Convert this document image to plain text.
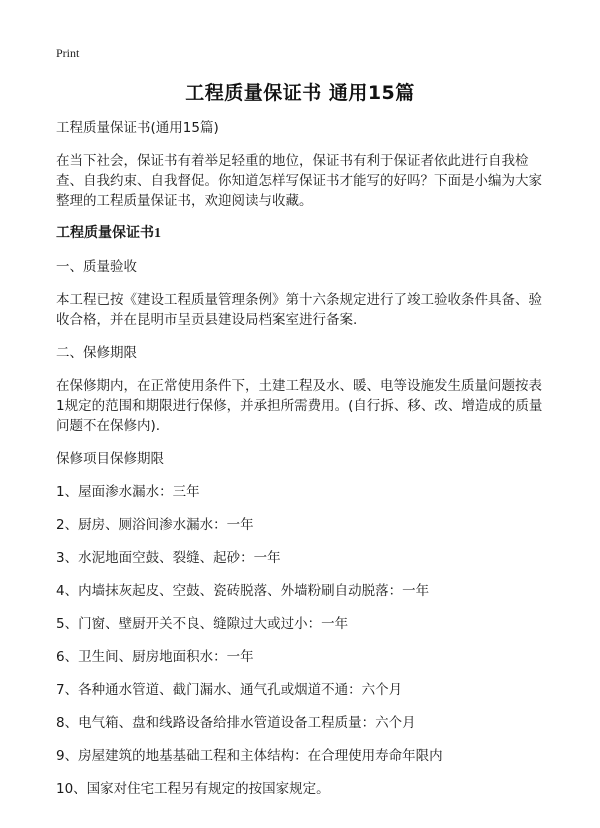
Print
工程质量保证书 通用15篇

工程质量保证书(通用15篇)

在当下社会，保证书有着举足轻重的地位，保证书有利于保证者依此进行自我检查、自我约束、自我督促。你知道怎样写保证书才能写的好吗？下面是小编为大家整理的工程质量保证书，欢迎阅读与收藏。

工程质量保证书1

一、质量验收

本工程已按《建设工程质量管理条例》第十六条规定进行了竣工验收条件具备、验收合格，并在昆明市呈贡县建设局档案室进行备案.

二、保修期限

在保修期内，在正常使用条件下，土建工程及水、暖、电等设施发生质量问题按表1规定的范围和期限进行保修，并承担所需费用。(自行拆、移、改、增造成的质量问题不在保修内).

保修项目保修期限

1、屋面渗水漏水：三年

2、厨房、厕浴间渗水漏水：一年

3、水泥地面空鼓、裂缝、起砂：一年

4、内墙抹灰起皮、空鼓、瓷砖脱落、外墙粉刷自动脱落：一年

5、门窗、壁厨开关不良、缝隙过大或过小：一年

6、卫生间、厨房地面积水：一年

7、各种通水管道、截门漏水、通气孔或烟道不通：六个月

8、电气箱、盘和线路设备给排水管道设备工程质量：六个月

9、房屋建筑的地基基础工程和主体结构：在合理使用寿命年限内

10、国家对住宅工程另有规定的按国家规定。
